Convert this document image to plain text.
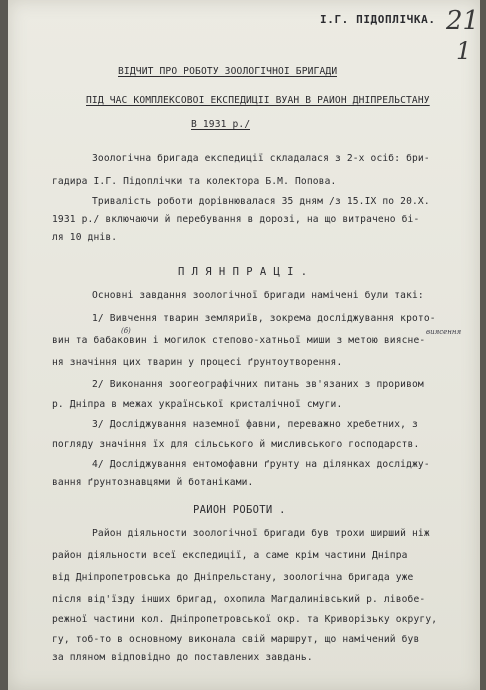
І.Г. ПІДОПЛІЧКА. 21
1
ВІДЧИТ ПРО РОБОТУ ЗООЛОГІЧНОЇ БРИГАДИ
ПІД ЧАС КОМПЛЕКСОВОЇ ЕКСПЕДИЦІЇ ВУАН В РАЙОН ДНІПРЕЛЬСТАНУ
В 1931 р./
Зоологічна бригада експедиції складалася з 2-х осіб: бри-
гадира І.Г. Підоплічки та колектора Б.М. Попова.
Тривалість роботи дорівнювалася 35 дням /з 15.IX по 20.X.
1931 р./ включаючи й перебування в дорозі, на що витрачено бі-
ля 10 днів.
П Л Я Н П Р А Ц І .
Основні завдання зоологічної бригади намічені були такі:
1/ Вивчення тварин земляриїв, зокрема досліджування крото-
вин та бабаковин і могилок степово-хатньої миши з метою виясне-
ня значіння цих тварин у процесі ґрунтоутворення.
2/ Виконання зоогеографічних питань зв'язаних з проривом
р. Дніпра в межах української кристалічної смуги.
3/ Досліджування наземної фавни, переважно хребетних, з
погляду значіння їх для сільського й мисливського господарств.
4/ Досліджування ентомофавни ґрунту на ділянках досліджу-
вання ґрунтознавцями й ботаніками.
(б)	виясення
РАЙОН РОБОТИ .
Район діяльности зоологічної бригади був трохи ширший ніж
район діяльности всеї експедиції, а саме крім частини Дніпра
від Дніпропетровська до Дніпрельстану, зоологічна бригада уже
після від'їзду інших бригад, охопила Магдалинівський р. лівобе-
режної частини кол. Дніпропетровської окр. та Криворізьку округу,
гу, тоб-то в основному виконала свій маршрут, що намічений був
за пляном відповідно до поставлених завдань.
